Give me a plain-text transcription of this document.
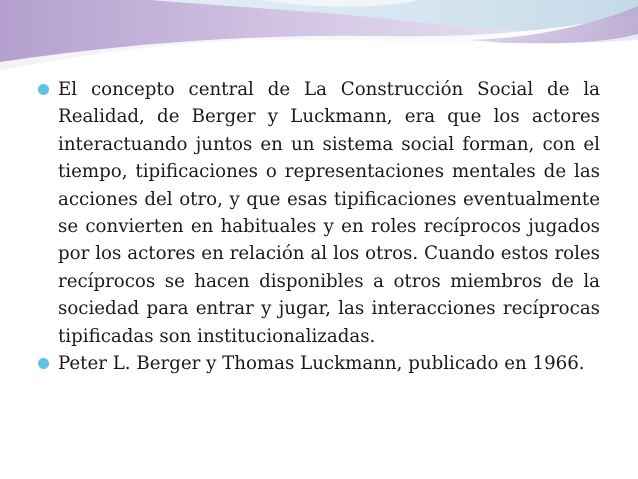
El concepto central de La Construcción Social de la Realidad, de Berger y Luckmann, era que los actores interactuando juntos en un sistema social forman, con el tiempo, tipificaciones o representaciones mentales de las acciones del otro, y que esas tipificaciones eventualmente se convierten en habituales y en roles recíprocos jugados por los actores en relación al los otros. Cuando estos roles recíprocos se hacen disponibles a otros miembros de la sociedad para entrar y jugar, las interacciones recíprocas tipificadas son institucionalizadas.

Peter L. Berger y Thomas Luckmann, publicado en 1966.
